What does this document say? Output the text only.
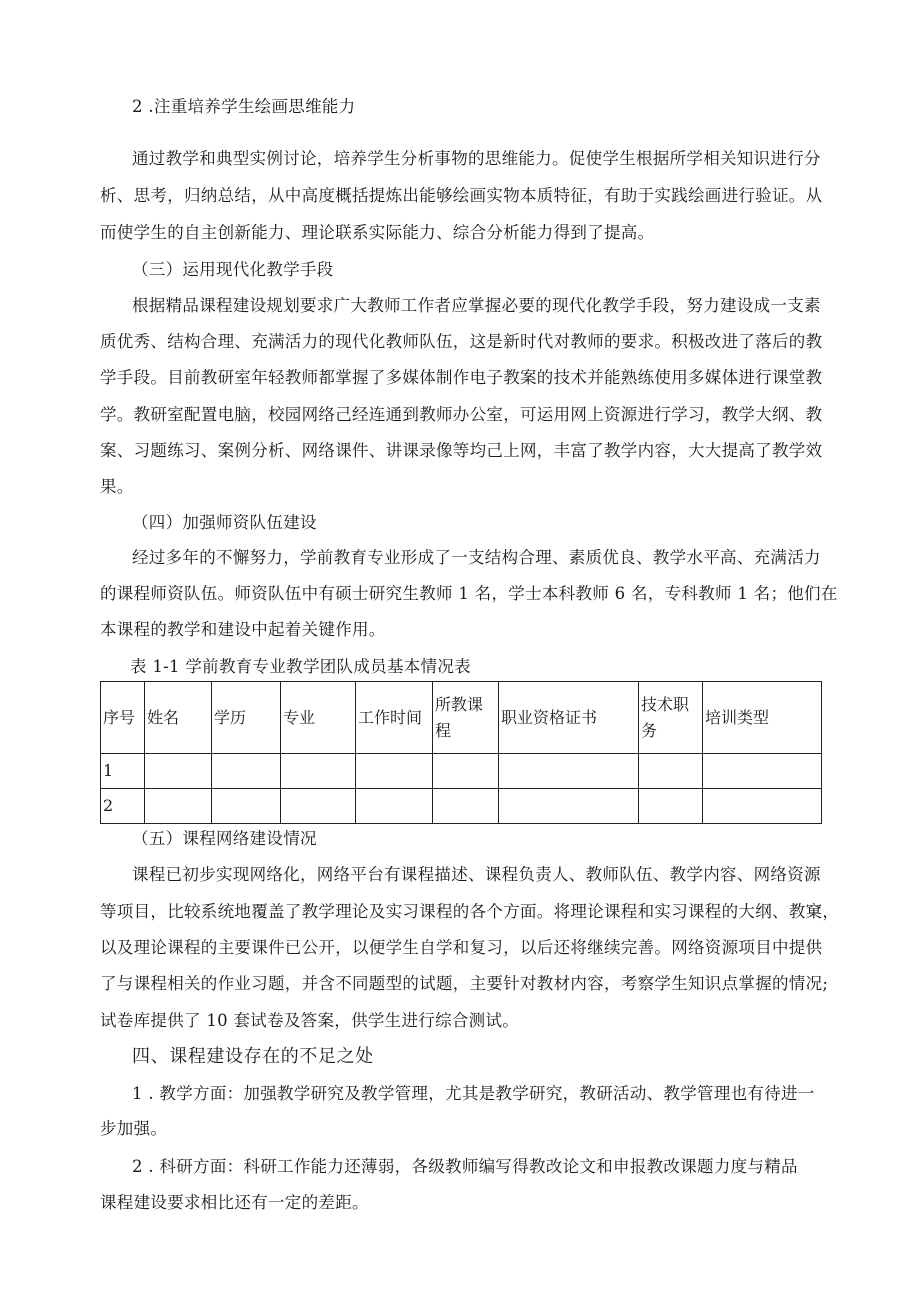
2 .注重培养学生绘画思维能力
通过教学和典型实例讨论，培养学生分析事物的思维能力。促使学生根据所学相关知识进行分
析、思考，归纳总结，从中高度概括提炼出能够绘画实物本质特征，有助于实践绘画进行验证。从
而使学生的自主创新能力、理论联系实际能力、综合分析能力得到了提高。
（三）运用现代化教学手段
根据精品课程建设规划要求广大教师工作者应掌握必要的现代化教学手段，努力建设成一支素
质优秀、结构合理、充满活力的现代化教师队伍，这是新时代对教师的要求。积极改进了落后的教
学手段。目前教研室年轻教师都掌握了多媒体制作电子教案的技术并能熟练使用多媒体进行课堂教
学。教研室配置电脑，校园网络己经连通到教师办公室，可运用网上资源进行学习，教学大纲、教
案、习题练习、案例分析、网络课件、讲课录像等均己上网，丰富了教学内容，大大提高了教学效
果。
（四）加强师资队伍建设
经过多年的不懈努力，学前教育专业形成了一支结构合理、素质优良、教学水平高、充满活力
的课程师资队伍。师资队伍中有硕士研究生教师 1 名，学士本科教师 6 名，专科教师 1 名；他们在
本课程的教学和建设中起着关键作用。
表 1-1 学前教育专业教学团队成员基本情况表
序号	姓名	学历	专业	工作时间	所教课程	职业资格证书	技术职务	培训类型
1								
2								
（五）课程网络建设情况
课程已初步实现网络化，网络平台有课程描述、课程负责人、教师队伍、教学内容、网络资源
等项目，比较系统地覆盖了教学理论及实习课程的各个方面。将理论课程和实习课程的大纲、教窠，
以及理论课程的主要课件已公开，以便学生自学和复习，以后还将继续完善。网络资源项目中提供
了与课程相关的作业习题，并含不同题型的试题，主要针对教材内容，考察学生知识点掌握的情况;
试卷库提供了 10 套试卷及答案，供学生进行综合测试。
四、课程建设存在的不足之处
1 . 教学方面：加强教学研究及教学管理，尤其是教学研究，教研活动、教学管理也有待进一
步加强。
2 . 科研方面：科研工作能力还薄弱，各级教师编写得教改论文和申报教改课题力度与精品
课程建设要求相比还有一定的差距。
